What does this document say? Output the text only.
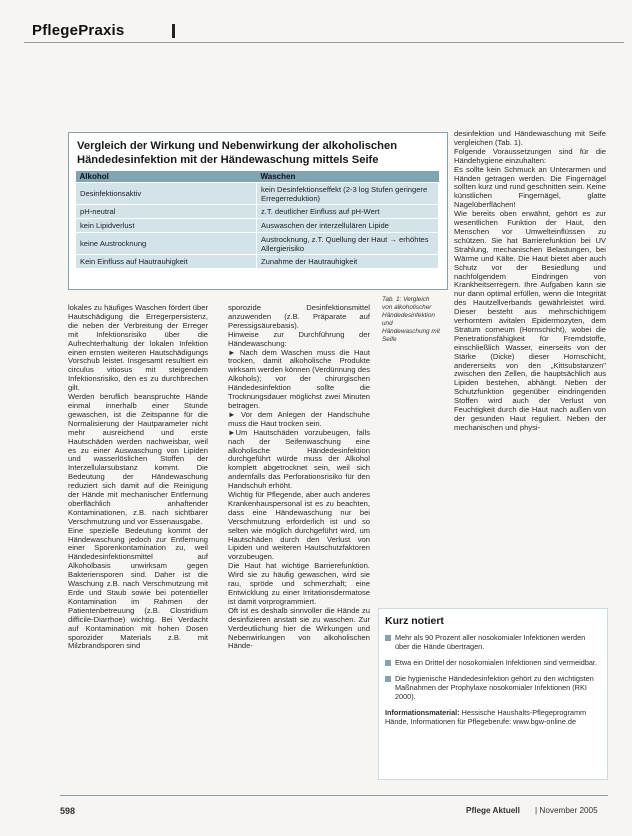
PflegePraxis
Vergleich der Wirkung und Nebenwirkung der alkoholischen Händedesinfektion mit der Händewaschung mittels Seife
Alkohol	Waschen
Desinfektionsaktiv	kein Desinfektionseffekt (2-3 log Stufen geringere Erregerreduktion)
pH-neutral	z.T. deutlicher Einfluss auf pH-Wert
kein Lipidverlust	Auswaschen der interzellulären Lipide
keine Austrocknung	Austrocknung, z.T. Quellung der Haut → erhöhtes Allergierisiko
Kein Einfluss auf Hautrauhigkeit	Zunahme der Hautrauhigkeit
Tab. 1: Vergleich von alkoholischer Händedesinfektion und Händewaschung mit Seife

lokales zu häufiges Waschen fördert über Hautschädigung die Erregerpersistenz, die neben der Verbreitung der Erreger mit Infektionsrisiko über die Aufrechterhaltung der lokalen Infektion einen ernsten weiteren Hautschädigungs Vorschub leistet. Insgesamt resultiert ein circulus vitiosus mit steigendem Infektionsrisiko, den es zu durchbrechen gilt.

Werden beruflich beanspruchte Hände einmal innerhalb einer Stunde gewaschen, ist die Zeitspanne für die Normalisierung der Hautparameter nicht mehr ausreichend und erste Hautschäden werden nachweisbar, weil es zu einer Auswaschung von Lipiden und wasserlöslichen Stoffen der Interzellularsubstanz kommt. Die Bedeutung der Händewaschung reduziert sich damit auf die Reinigung der Hände mit mechanischer Entfernung oberflächlich anhaftender Kontaminationen, z.B. nach sichtbarer Verschmutzung und vor Essenausgabe.

Eine spezielle Bedeutung kommt der Händewaschung jedoch zur Entfernung einer Sporenkontamination zu, weil Händedesinfektionsmittel auf Alkoholbasis unwirksam gegen Bakteriensporen sind. Daher ist die Waschung z.B. nach Verschmutzung mit Erde und Staub sowie bei potentieller Kontamination im Rahmen der Patientenbetreuung (z.B. Clostridium difficile-Diarrhoe) wichtig. Bei Verdacht auf Kontamination mit hohen Dosen sporozider Materials z.B. mit Milzbrandsporen sind

sporozide Desinfektionsmittel anzuwenden (z.B. Präparate auf Peressigsäurebasis).

Hinweise zur Durchführung der Händewaschung:

► Nach dem Waschen muss die Haut trocken, damit alkoholische Produkte wirksam werden können (Verdünnung des Alkohols); vor der chirurgischen Händedesinfektion sollte die Trocknungsdauer möglichst zwei Minuten betragen.

► Vor dem Anlegen der Handschuhe muss die Haut trocken sein.

►Um Hautschäden vorzubeugen, falls nach der Seifenwaschung eine alkoholische Händedesinfektion durchgeführt würde muss der Alkohol komplett abgetrocknet sein, weil sich andernfalls das Perforationsrisiko für den Handschuh erhöht.

Wichtig für Pflegende, aber auch anderes Krankenhauspersonal ist es zu beachten, dass eine Händewaschung nur bei Verschmutzung erforderlich ist und so selten wie möglich durchgeführt wird, um Hautschäden durch den Verlust von Lipiden und weiteren Hautschutzfaktoren vorzubeugen.

Die Haut hat wichtige Barrierefunktion. Wird sie zu häufig gewaschen, wird sie rau, spröde und schmerzhaft; eine Entwicklung zu einer Irritationsdermatose ist damit vorprogrammiert.

Oft ist es deshalb sinnvoller die Hände zu desinfizieren anstatt sie zu waschen. Zur Verdeutlichung hier die Wirkungen und Nebenwirkungen von alkoholischen Hände-

desinfektion und Händewaschung mit Seife vergleichen (Tab. 1).

Folgende Voraussetzungen sind für die Händehygiene einzuhalten:

Es sollte kein Schmuck an Unterarmen und Händen getragen werden. Die Fingernägel sollten kurz und rund geschnitten sein. Keine künstlichen Fingernägel, glatte Nagelüberflächen!

Wie bereits oben erwähnt, gehört es zur wesentlichen Funktion der Haut, den Menschen vor Umwelteinflüssen zu schützen. Sie hat Barrierefunktion bei UV Strahlung, mechanischen Belastungen, bei Wärme und Kälte. Die Haut bietet aber auch Schutz vor der Besiedlung und nachfolgendem Eindringen von Krankheitserregern. Ihre Aufgaben kann sie nur dann optimal erfüllen, wenn die Integrität des Hautzellverbands gewährleistet wird. Dieser besteht aus mehrschichtigem verhorntem avitalen Epidermozyten, dem Stratum corneum (Hornschicht), wobei die Penetrationsfähigkeit für Fremdstoffe, einschließlich Wasser, einerseits von der Stärke (Dicke) dieser Hornschicht, andererseits von den „Kittsubstanzen" zwischen den Zellen, die hauptsächlich aus Lipiden bestehen, abhängt. Neben der Schutzfunktion gegenüber eindringenden Stoffen wird auch der Verlust von Feuchtigkeit durch die Haut nach außen von der gesunden Haut reguliert. Neben der mechanischen und physi-

Kurz notiert
Mehr als 90 Prozent aller nosokomialer Infektionen werden über die Hände übertragen.
Etwa ein Drittel der nosokomialen Infektionen sind vermeidbar.
Die hygienische Händedesinfektion gehört zu den wichtigsten Maßnahmen der Prophylaxe nosokomialer Infektionen (RKI 2000).
Informationsmaterial: Hessische Haushalts-Pflegeprogramm Hände, Informationen für Pflegeberufe: www.bgw-online.de
598	Pflege Aktuell | November 2005
